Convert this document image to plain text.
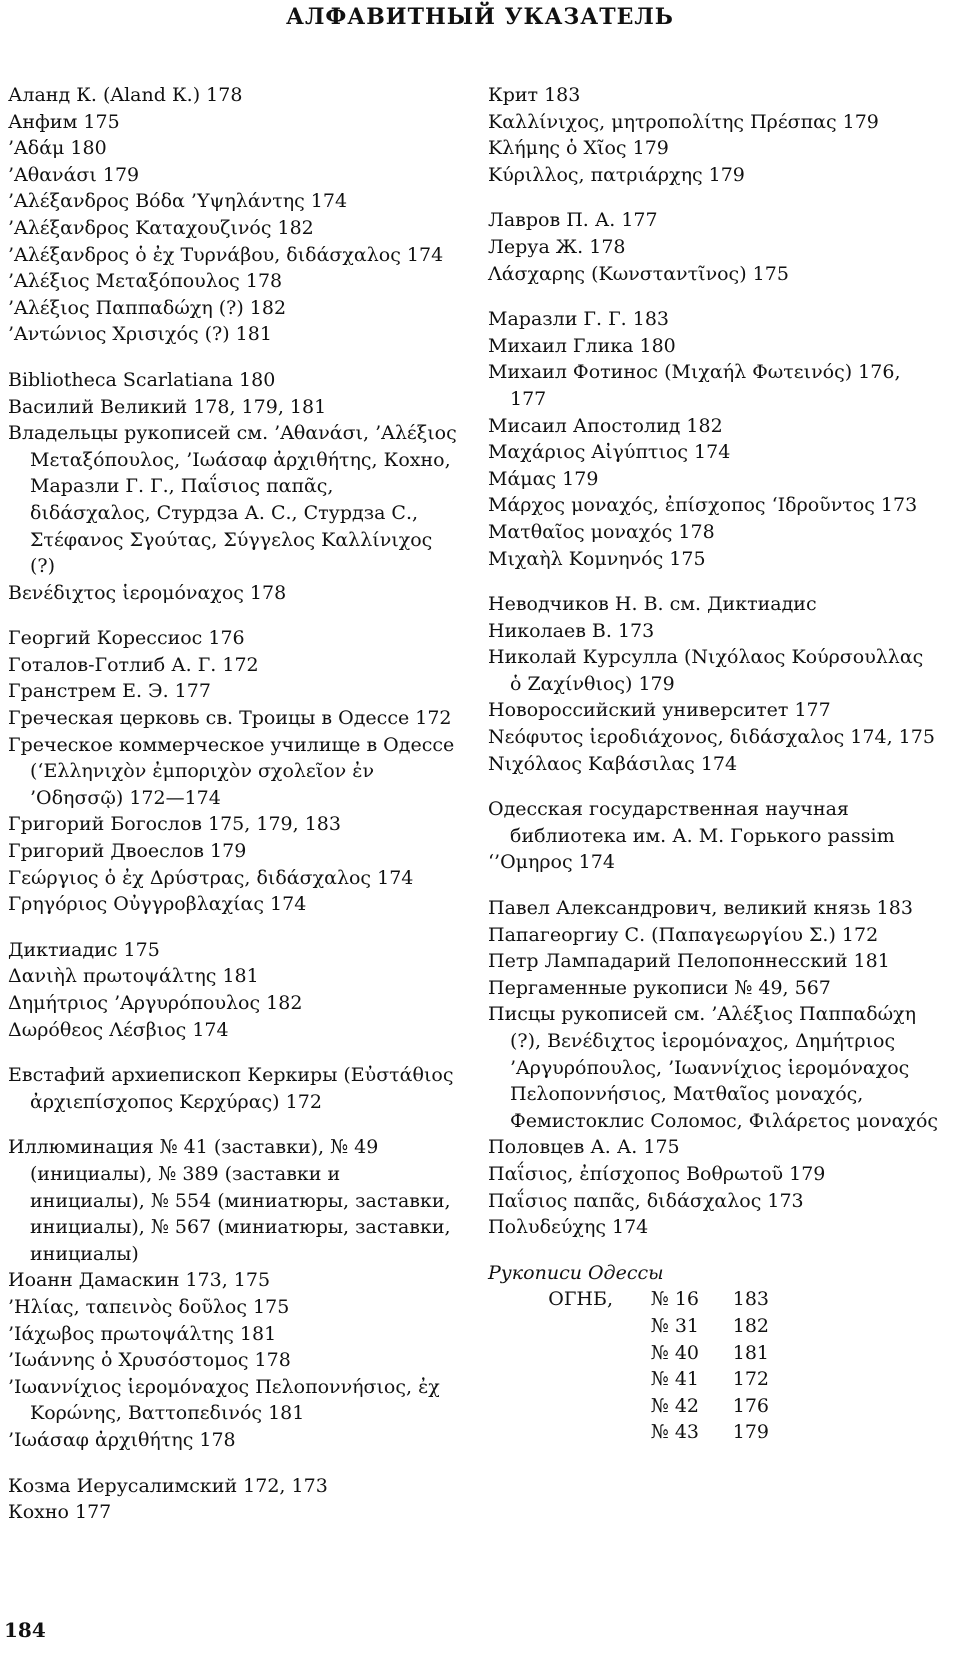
АЛФАВИТНЫЙ УКАЗАТЕЛЬ
Аланд К. (Aland К.) 178
Анфим 175
’Αδάμ 180
’Αθανάσι 179
’Αλέξανδρος Βόδα ’Υψηλάντης 174
’Αλέξανδρος Καταχουζινός 182
’Αλέξανδρος ὁ ἐχ Τυρνάβου, διδάσχαλος 174
’Αλέξιος Μεταξόπουλος 178
’Αλέξιος Παππαδώχη (?) 182
’Αντώνιος Χρισιχός (?) 181
Bibliotheca Scarlatiana 180
Василий Великий 178, 179, 181
Владельцы рукописей см. ’Αθανάσι, ’Αλέξιος Μεταξόπουλος, ’Ιωάσαφ ἀρχιθήτης, Кохно, Маразли Г. Г., Παΐσιος παπᾶς, διδάσχαλος, Стурдза А. С., Стурдза С., Στέφανος Σγούτας, Σύγγελος Καλλίνιχος (?)
Βενέδιχτος ἱερομόναχος 178
Георгий Корессиос 176
Готалов-Готлиб А. Г. 172
Гранстрем Е. Э. 177
Греческая церковь св. Троицы в Одессе 172
Греческое коммерческое училище в Одессе (‘Ελληνιχὸν ἐμποριχὸν σχολεῖον ἐν ’Οδησσῷ) 172—174
Григорий Богослов 175, 179, 183
Григорий Двоеслов 179
Γεώργιος ὁ ἐχ Δρύστρας, διδάσχαλος 174
Γρηγόριος Οὐγγροβλαχίας 174
Диктиадис 175
Δανιὴλ πρωτοψάλτης 181
Δημήτριος ’Αργυρόπουλος 182
Δωρόθεος Λέσβιος 174
Евстафий архиепископ Керкиры (Εὐστάθιος ἀρχιεπίσχοπος Κερχύρας) 172
Иллюминация № 41 (заставки), № 49 (инициалы), № 389 (заставки и инициалы), № 554 (миниатюры, заставки, инициалы), № 567 (миниатюры, заставки, инициалы)
Иоанн Дамаскин 173, 175
’Ηλίας, ταπεινὸς δοῦλος 175
’Ιάχωβος πρωτοψάλτης 181
’Ιωάννης ὁ Χρυσόστομος 178
’Ιωαννίχιος ἱερομόναχος Πελοποννήσιος, ἐχ Κορώνης, Βαττοπεδινός 181
’Ιωάσαφ ἀρχιθήτης 178
Козма Иерусалимский 172, 173
Кохно 177
Крит 183
Καλλίνιχος, μητροπολίτης Πρέσπας 179
Κλήμης ὁ Χῖος 179
Κύριλλος, πατριάρχης 179
Лавров П. А. 177
Леруа Ж. 178
Λάσχαρης (Κωνσταντῖνος) 175
Маразли Г. Г. 183
Михаил Глика 180
Михаил Фотинос (Μιχαήλ Φωτεινός) 176, 177
Мисаил Апостолид 182
Μαχάριος Αἰγύπτιος 174
Μάμας 179
Μάρχος μοναχός, ἐπίσχοπος ‘Ιδροῦντος 173
Ματθαῖος μοναχός 178
Μιχαὴλ Κομνηνός 175
Неводчиков Н. В. см. Диктиадис
Николаев В. 173
Николай Курсулла (Νιχόλαος Κούρσουλλας ὁ Ζαχίνθιος) 179
Новороссийский университет 177
Νεόφυτος ἱεροδιάχονος, διδάσχαλος 174, 175
Νιχόλαος Καβάσιλας 174
Одесская государственная научная библиотека им. А. М. Горького passim
‘’Ομηρος 174
Павел Александрович, великий князь 183
Папагеоргиу С. (Παπαγεωργίου Σ.) 172
Петр Лампадарий Пелопоннесский 181
Пергаменные рукописи № 49, 567
Писцы рукописей см. ’Αλέξιος Παππαδώχη (?), Βενέδιχτος ἱερομόναχος, Δημήτριος ’Αργυρόπουλος, ’Ιωαννίχιος ἱερομόναχος Πελοποννήσιος, Ματθαῖος μοναχός, Фемистоклис Соломос, Φιλάρετος μοναχός
Половцев А. А. 175
Παΐσιος, ἐπίσχοπος Βοθρωτοῦ 179
Παΐσιος παπᾶς, διδάσχαλος 173
Πολυδεύχης 174
Рукописи Одессы
ОГНБ,	№ 16	183
№ 31	182
№ 40	181
№ 41	172
№ 42	176
№ 43	179
184
